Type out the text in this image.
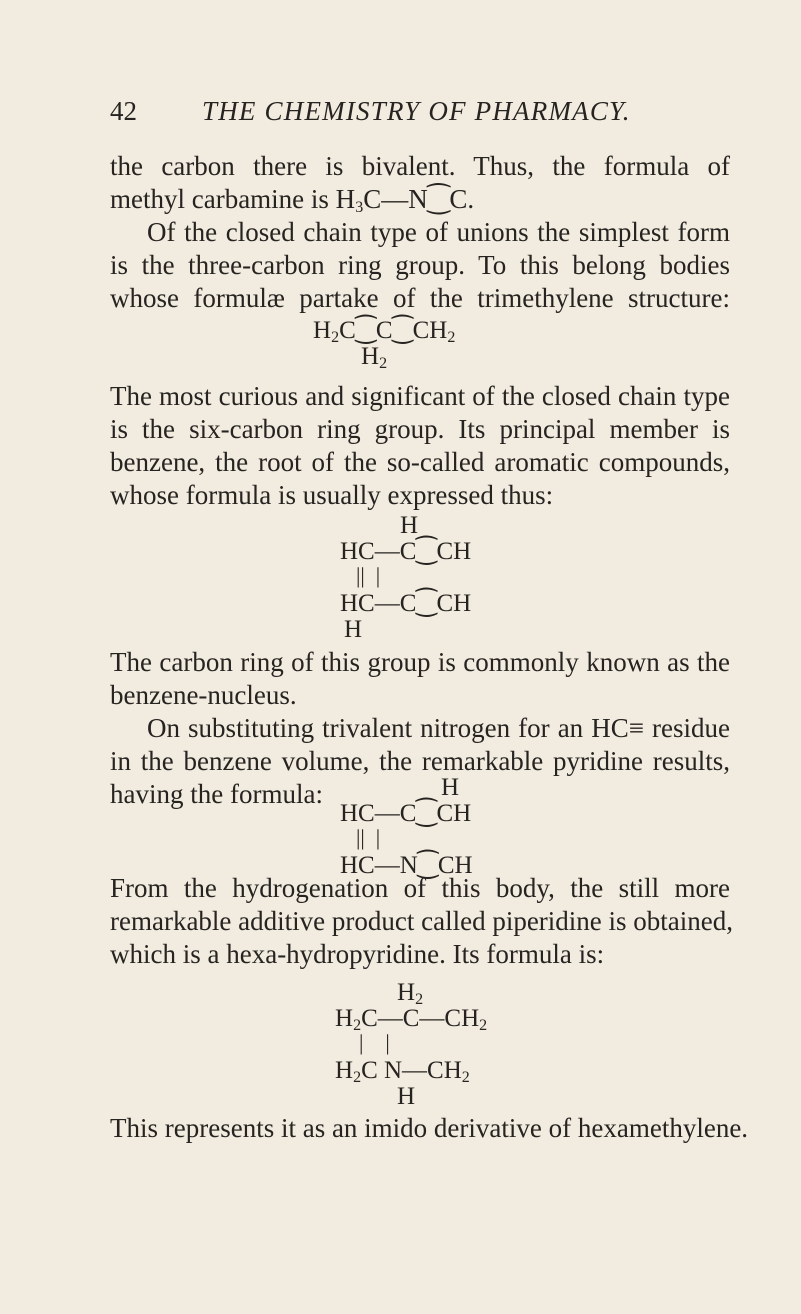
42 THE CHEMISTRY OF PHARMACY.
the carbon there is bivalent. Thus, the formula of
methyl carbamine is $H_3C—N⁐C$.
Of the closed chain type of unions the simplest form
is the three-carbon ring group. To this belong bodies
whose formulæ partake of the trimethylene structure:
$H_2C⁐C⁐CH_2$
$H_2$
The most curious and significant of the closed chain type
is the six-carbon ring group. Its principal member is
benzene, the root of the so-called aromatic compounds,
whose formula is usually expressed thus:
H
HC—C⁐CH
||  |
HC—C⁐CH
H
The carbon ring of this group is commonly known as the
benzene-nucleus.
On substituting trivalent nitrogen for an HC≡ residue
in the benzene volume, the remarkable pyridine results,
having the formula:	H
HC—C⁐CH
||  |
HC—N⁐CH
From the hydrogenation of this body, the still more
remarkable additive product called piperidine is obtained,
which is a hexa-hydropyridine. Its formula is:
$H_2$
$H_2C—C—CH_2$
|    |
$H_2C$ $N—CH_2$
H
This represents it as an imido derivative of hexamethylene.
